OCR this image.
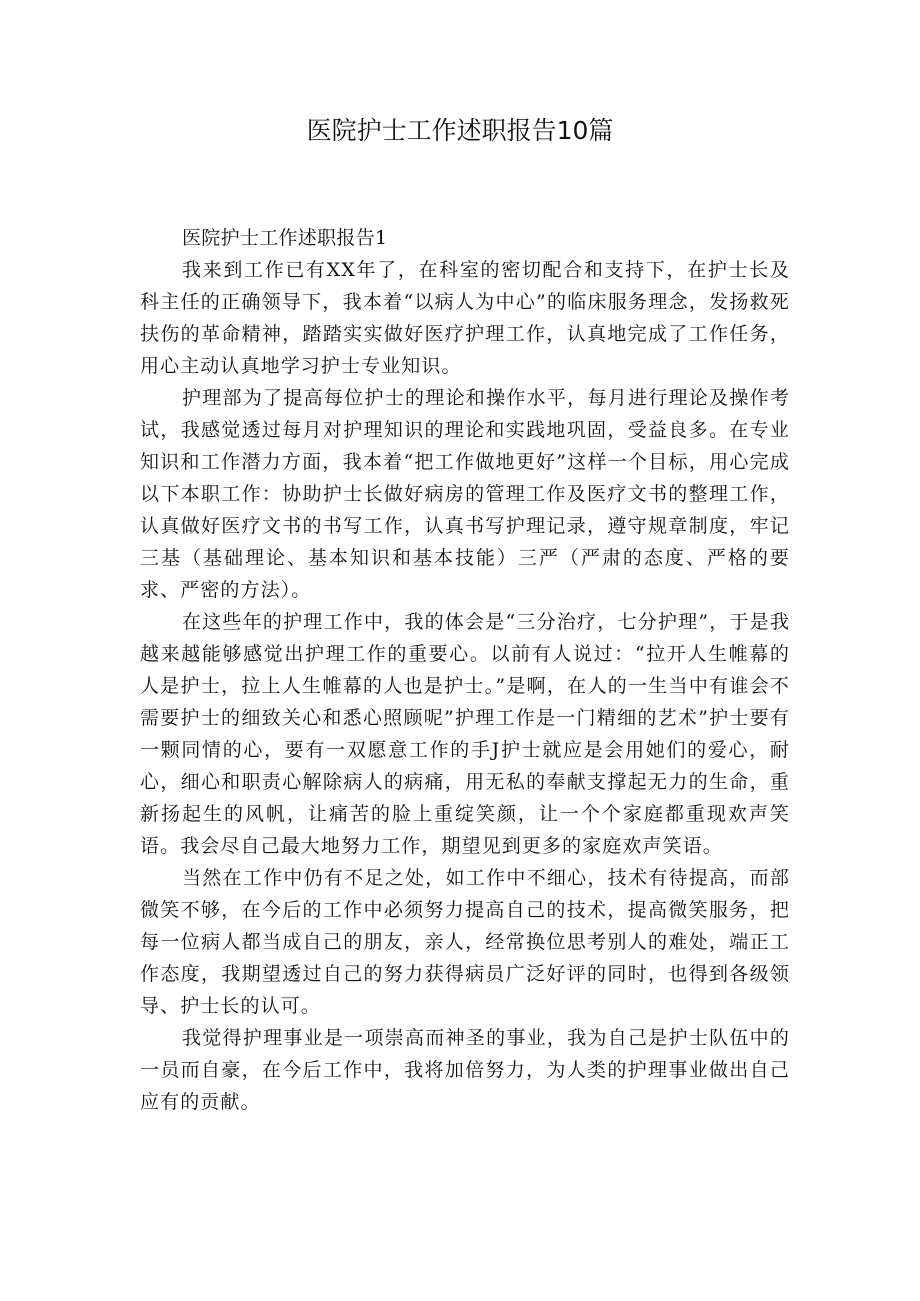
医院护士工作述职报告10篇

医院护士工作述职报告1

我来到工作已有XX年了，在科室的密切配合和支持下，在护士长及科主任的正确领导下，我本着“以病人为中心”的临床服务理念，发扬救死扶伤的革命精神，踏踏实实做好医疗护理工作，认真地完成了工作任务，用心主动认真地学习护士专业知识。

护理部为了提高每位护士的理论和操作水平，每月进行理论及操作考试，我感觉透过每月对护理知识的理论和实践地巩固，受益良多。在专业知识和工作潜力方面，我本着“把工作做地更好”这样一个目标，用心完成以下本职工作：协助护士长做好病房的管理工作及医疗文书的整理工作，认真做好医疗文书的书写工作，认真书写护理记录，遵守规章制度，牢记三基（基础理论、基本知识和基本技能）三严（严肃的态度、严格的要求、严密的方法）。

在这些年的护理工作中，我的体会是“三分治疗，七分护理”，于是我越来越能够感觉出护理工作的重要心。以前有人说过：“拉开人生帷幕的人是护士，拉上人生帷幕的人也是护士。”是啊，在人的一生当中有谁会不需要护士的细致关心和悉心照顾呢”护理工作是一门精细的艺术”护士要有一颗同情的心，要有一双愿意工作的手J护士就应是会用她们的爱心，耐心，细心和职责心解除病人的病痛，用无私的奉献支撑起无力的生命，重新扬起生的风帆，让痛苦的脸上重绽笑颜，让一个个家庭都重现欢声笑语。我会尽自己最大地努力工作，期望见到更多的家庭欢声笑语。

当然在工作中仍有不足之处，如工作中不细心，技术有待提高，而部微笑不够，在今后的工作中必须努力提高自己的技术，提高微笑服务，把每一位病人都当成自己的朋友，亲人，经常换位思考别人的难处，端正工作态度，我期望透过自己的努力获得病员广泛好评的同时，也得到各级领导、护士长的认可。

我觉得护理事业是一项崇高而神圣的事业，我为自己是护士队伍中的一员而自豪，在今后工作中，我将加倍努力，为人类的护理事业做出自己应有的贡献。
